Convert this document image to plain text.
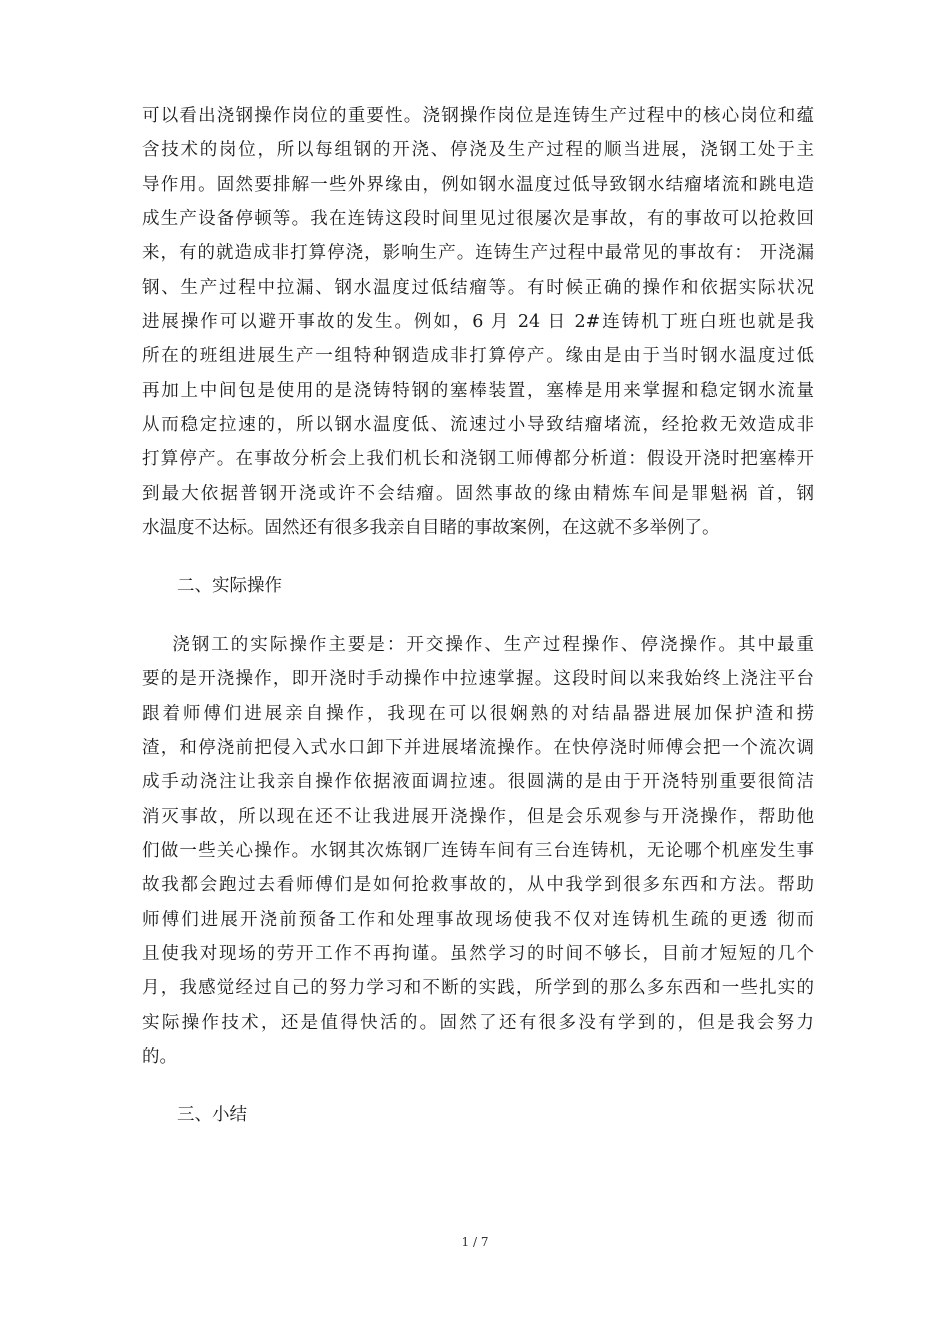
可以看出浇钢操作岗位的重要性。浇钢操作岗位是连铸生产过程中的核心岗位和蕴
含技术的岗位，所以每组钢的开浇、停浇及生产过程的顺当进展，浇钢工处于主
导作用。固然要排解一些外界缘由，例如钢水温度过低导致钢水结瘤堵流和跳电造
成生产设备停顿等。我在连铸这段时间里见过很屡次是事故，有的事故可以抢救回
来，有的就造成非打算停浇，影响生产。连铸生产过程中最常见的事故有： 开浇漏
钢、生产过程中拉漏、钢水温度过低结瘤等。有时候正确的操作和依据实际状况
进展操作可以避开事故的发生。例如，6 月 24 日 2#连铸机丁班白班也就是我
所在的班组进展生产一组特种钢造成非打算停产。缘由是由于当时钢水温度过低
再加上中间包是使用的是浇铸特钢的塞棒装置，塞棒是用来掌握和稳定钢水流量
从而稳定拉速的，所以钢水温度低、流速过小导致结瘤堵流，经抢救无效造成非
打算停产。在事故分析会上我们机长和浇钢工师傅都分析道：假设开浇时把塞棒开
到最大依据普钢开浇或许不会结瘤。固然事故的缘由精炼车间是罪魁祸 首，钢
水温度不达标。固然还有很多我亲自目睹的事故案例，在这就不多举例了。
二、实际操作
浇钢工的实际操作主要是：开交操作、生产过程操作、停浇操作。其中最重
要的是开浇操作，即开浇时手动操作中拉速掌握。这段时间以来我始终上浇注平台
跟着师傅们进展亲自操作，我现在可以很娴熟的对结晶器进展加保护渣和捞
渣，和停浇前把侵入式水口卸下并进展堵流操作。在快停浇时师傅会把一个流次调
成手动浇注让我亲自操作依据液面调拉速。很圆满的是由于开浇特别重要很简洁
消灭事故，所以现在还不让我进展开浇操作，但是会乐观参与开浇操作，帮助他
们做一些关心操作。水钢其次炼钢厂连铸车间有三台连铸机，无论哪个机座发生事
故我都会跑过去看师傅们是如何抢救事故的，从中我学到很多东西和方法。帮助
师傅们进展开浇前预备工作和处理事故现场使我不仅对连铸机生疏的更透 彻而
且使我对现场的劳开工作不再拘谨。虽然学习的时间不够长，目前才短短的几个
月，我感觉经过自己的努力学习和不断的实践，所学到的那么多东西和一些扎实的
实际操作技术，还是值得快活的。固然了还有很多没有学到的，但是我会努力
的。
三、小结
1 / 7
